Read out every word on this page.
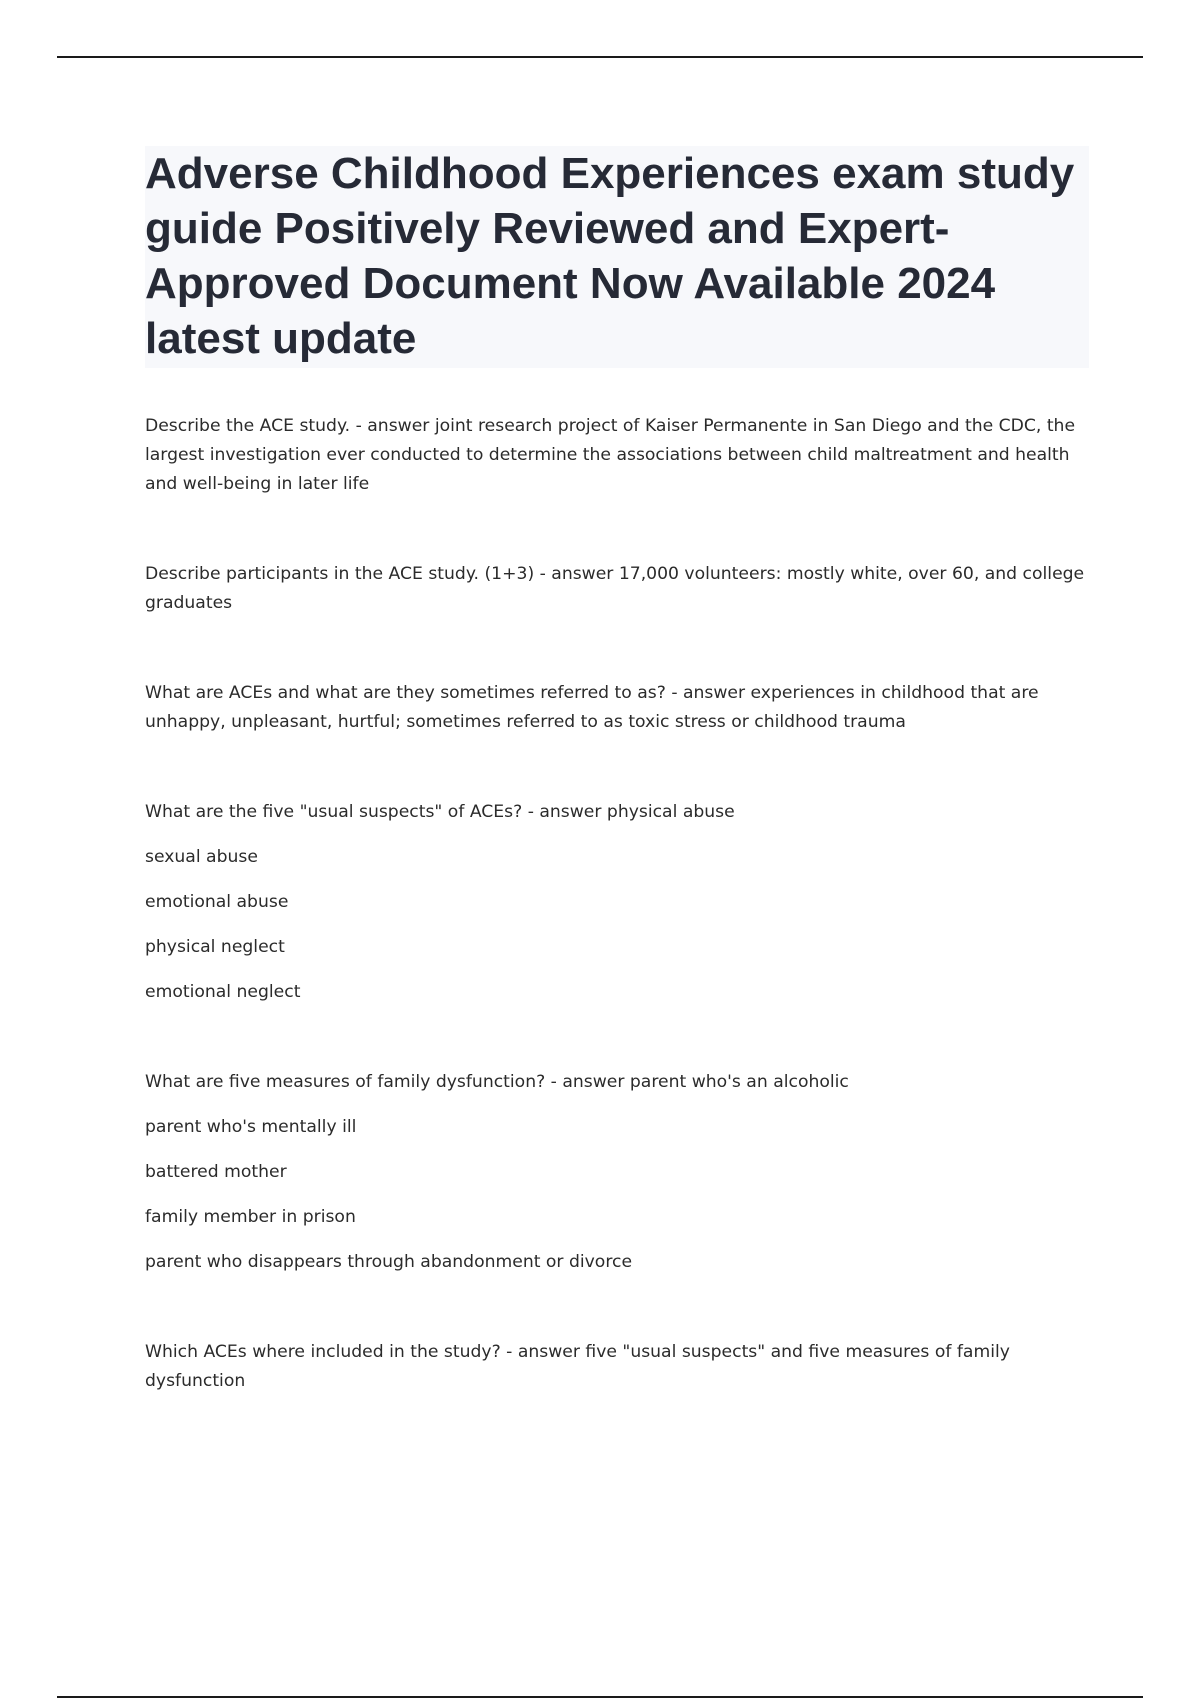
Adverse Childhood Experiences exam study guide Positively Reviewed and Expert-Approved Document Now Available 2024 latest update

Describe the ACE study. - answer joint research project of Kaiser Permanente in San Diego and the CDC, the largest investigation ever conducted to determine the associations between child maltreatment and health and well-being in later life

Describe participants in the ACE study. (1+3) - answer 17,000 volunteers: mostly white, over 60, and college graduates

What are ACEs and what are they sometimes referred to as? - answer experiences in childhood that are unhappy, unpleasant, hurtful; sometimes referred to as toxic stress or childhood trauma

What are the five "usual suspects" of ACEs? - answer physical abuse

sexual abuse

emotional abuse

physical neglect

emotional neglect

What are five measures of family dysfunction? - answer parent who's an alcoholic

parent who's mentally ill

battered mother

family member in prison

parent who disappears through abandonment or divorce

Which ACEs where included in the study? - answer five "usual suspects" and five measures of family dysfunction
